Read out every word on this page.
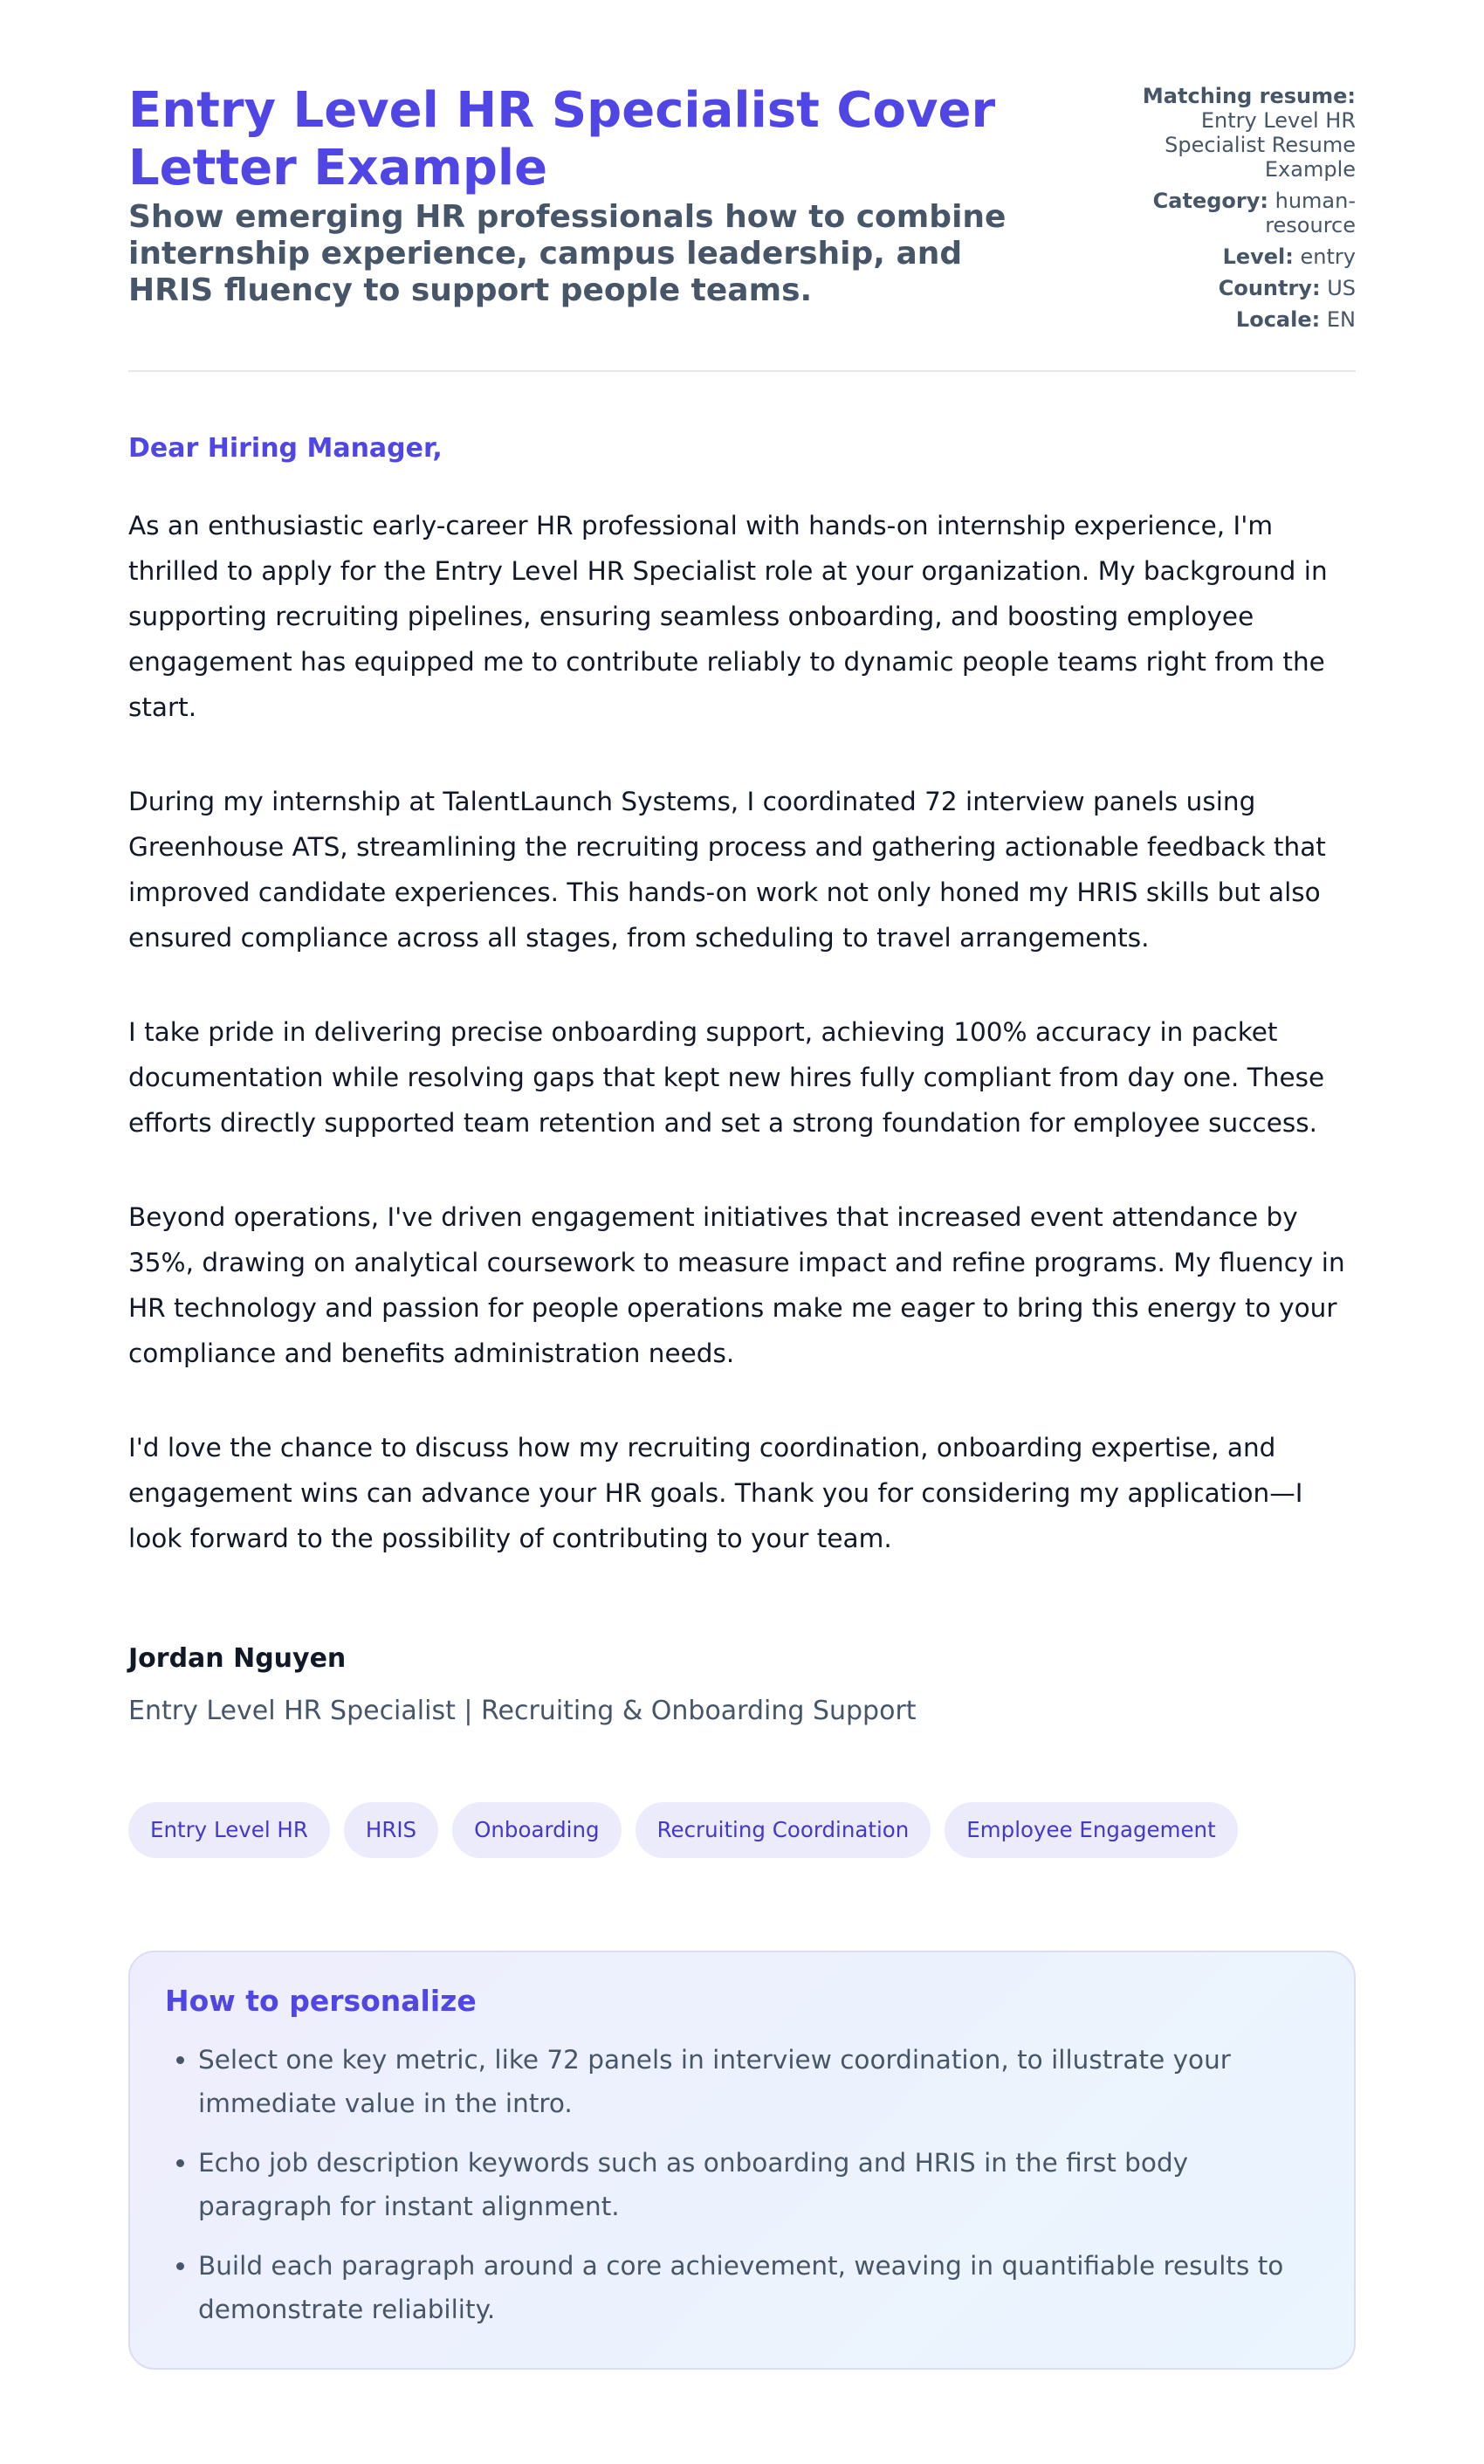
Entry Level HR Specialist Cover Letter Example

Show emerging HR professionals how to combine internship experience, campus leadership, and HRIS fluency to support people teams.

Matching resume:
Entry Level HR Specialist Resume Example
Category: human-resource
Level: entry
Country: US
Locale: EN

Dear Hiring Manager,

As an enthusiastic early-career HR professional with hands-on internship experience, I'm thrilled to apply for the Entry Level HR Specialist role at your organization. My background in supporting recruiting pipelines, ensuring seamless onboarding, and boosting employee engagement has equipped me to contribute reliably to dynamic people teams right from the start.

During my internship at TalentLaunch Systems, I coordinated 72 interview panels using Greenhouse ATS, streamlining the recruiting process and gathering actionable feedback that improved candidate experiences. This hands-on work not only honed my HRIS skills but also ensured compliance across all stages, from scheduling to travel arrangements.

I take pride in delivering precise onboarding support, achieving 100% accuracy in packet documentation while resolving gaps that kept new hires fully compliant from day one. These efforts directly supported team retention and set a strong foundation for employee success.

Beyond operations, I've driven engagement initiatives that increased event attendance by 35%, drawing on analytical coursework to measure impact and refine programs. My fluency in HR technology and passion for people operations make me eager to bring this energy to your compliance and benefits administration needs.

I'd love the chance to discuss how my recruiting coordination, onboarding expertise, and engagement wins can advance your HR goals. Thank you for considering my application—I look forward to the possibility of contributing to your team.

Jordan Nguyen

Entry Level HR Specialist | Recruiting & Onboarding Support

Entry Level HR	HRIS	Onboarding	Recruiting Coordination	Employee Engagement
How to personalize
• Select one key metric, like 72 panels in interview coordination, to illustrate your immediate value in the intro.
• Echo job description keywords such as onboarding and HRIS in the first body paragraph for instant alignment.
• Build each paragraph around a core achievement, weaving in quantifiable results to demonstrate reliability.
